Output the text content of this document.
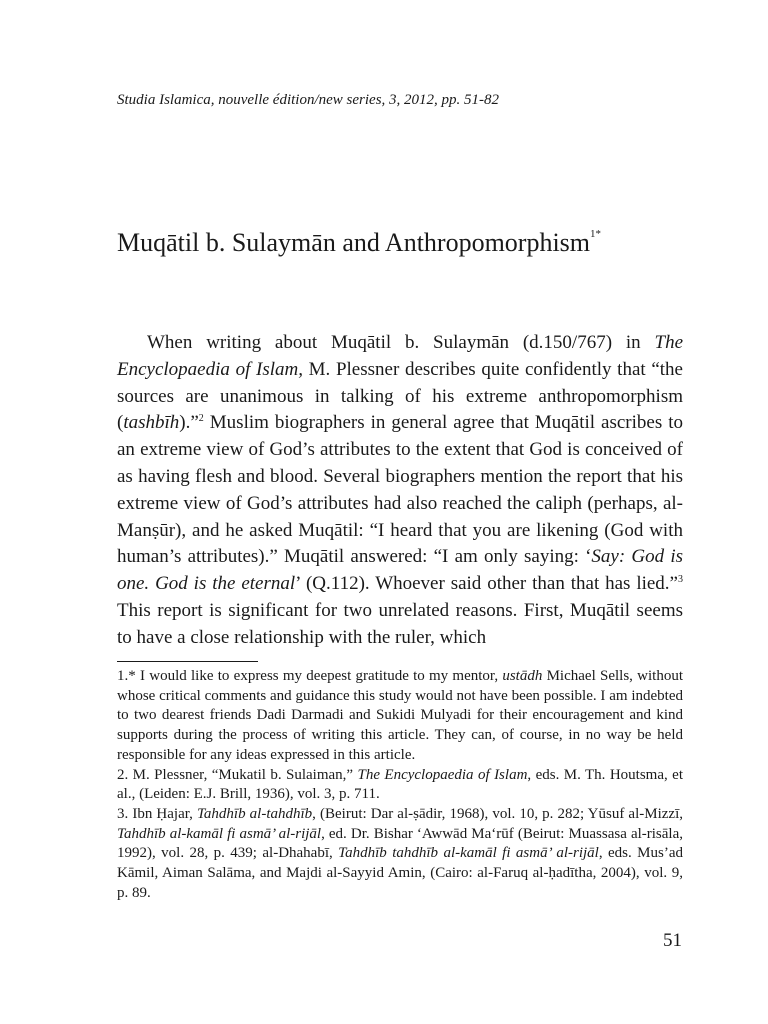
Studia Islamica, nouvelle édition/new series, 3, 2012, pp. 51-82

Muqātil b. Sulaymān and Anthropomorphism$^{1*}$

When writing about Muqātil b. Sulaymān (d.150/767) in The Encyclopaedia of Islam, M. Plessner describes quite confidently that “the sources are unanimous in talking of his extreme anthropomorphism (tashbīh).”$^2$ Muslim biographers in general agree that Muqātil ascribes to an extreme view of God’s attributes to the extent that God is conceived of as having flesh and blood. Several biographers mention the report that his extreme view of God’s attributes had also reached the caliph (perhaps, al-Manṣūr), and he asked Muqātil: “I heard that you are likening (God with human’s attributes).” Muqātil answered: “I am only saying: ‘Say: God is one. God is the eternal’ (Q.112). Whoever said other than that has lied.”$^3$ This report is significant for two unrelated reasons. First, Muqātil seems to have a close relationship with the ruler, which

1.* I would like to express my deepest gratitude to my mentor, ustādh Michael Sells, without whose critical comments and guidance this study would not have been possible. I am indebted to two dearest friends Dadi Darmadi and Sukidi Mulyadi for their encouragement and kind supports during the process of writing this article. They can, of course, in no way be held responsible for any ideas expressed in this article.

2. M. Plessner, “Mukatil b. Sulaiman,” The Encyclopaedia of Islam, eds. M. Th. Houtsma, et al., (Leiden: E.J. Brill, 1936), vol. 3, p. 711.

3. Ibn Ḥajar, Tahdhīb al-tahdhīb, (Beirut: Dar al-ṣādir, 1968), vol. 10, p. 282; Yūsuf al-Mizzī, Tahdhīb al-kamāl fi asmā’ al-rijāl, ed. Dr. Bishar ‘Awwād Ma‘rūf (Beirut: Muassasa al-risāla, 1992), vol. 28, p. 439; al-Dhahabī, Tahdhīb tahdhīb al-kamāl fi asmā’ al-rijāl, eds. Mus’ad Kāmil, Aiman Salāma, and Majdi al-Sayyid Amin, (Cairo: al-Faruq al-ḥadītha, 2004), vol. 9, p. 89.

51
